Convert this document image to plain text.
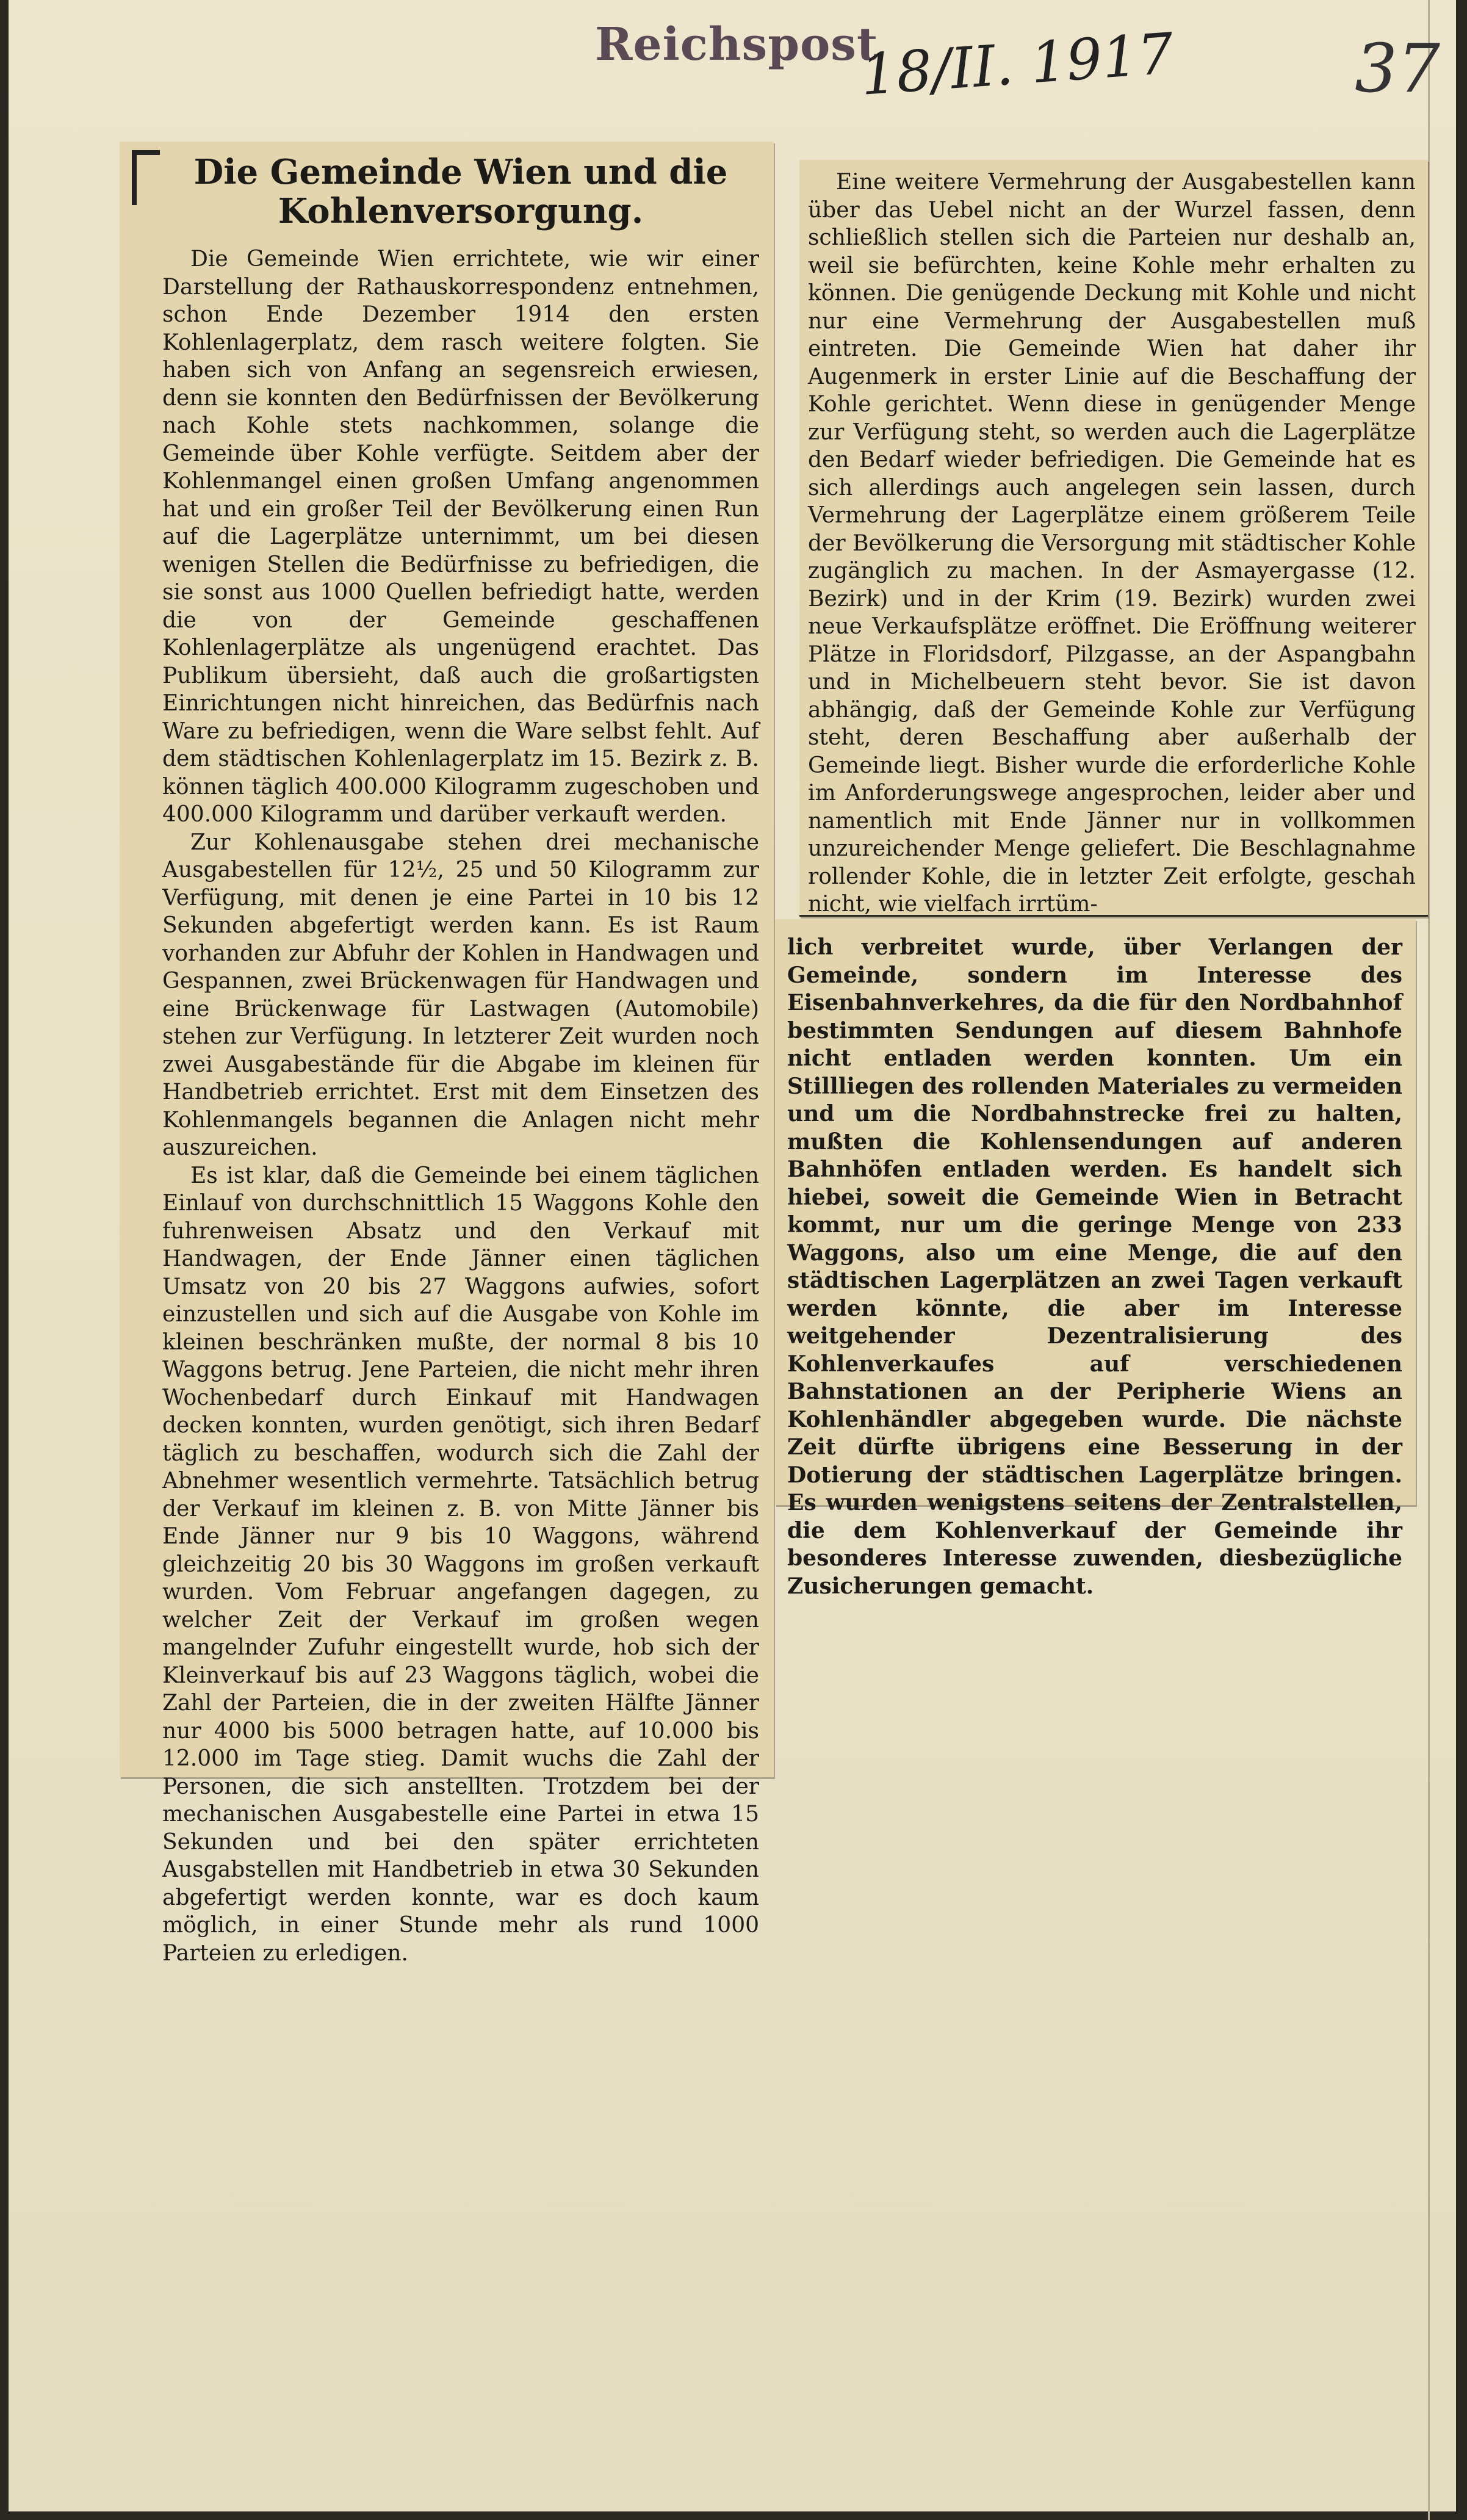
Reichspost
18/II. 1917	37
Die Gemeinde Wien und die Kohlenversorgung.

Die Gemeinde Wien errichtete, wie wir einer Darstellung der Rathauskorrespondenz entnehmen, schon Ende Dezember 1914 den ersten Kohlenlagerplatz, dem rasch weitere folgten. Sie haben sich von Anfang an segensreich erwiesen, denn sie konnten den Bedürfnissen der Bevölkerung nach Kohle stets nachkommen, solange die Gemeinde über Kohle verfügte. Seitdem aber der Kohlenmangel einen großen Umfang angenommen hat und ein großer Teil der Bevölkerung einen Run auf die Lagerplätze unternimmt, um bei diesen wenigen Stellen die Bedürfnisse zu befriedigen, die sie sonst aus 1000 Quellen befriedigt hatte, werden die von der Gemeinde geschaffenen Kohlenlagerplätze als ungenügend erachtet. Das Publikum übersieht, daß auch die großartigsten Einrichtungen nicht hinreichen, das Bedürfnis nach Ware zu befriedigen, wenn die Ware selbst fehlt. Auf dem städtischen Kohlenlagerplatz im 15. Bezirk z. B. können täglich 400.000 Kilogramm zugeschoben und 400.000 Kilogramm und darüber verkauft werden.

Zur Kohlenausgabe stehen drei mechanische Ausgabestellen für 12½, 25 und 50 Kilogramm zur Verfügung, mit denen je eine Partei in 10 bis 12 Sekunden abgefertigt werden kann. Es ist Raum vorhanden zur Abfuhr der Kohlen in Handwagen und Gespannen, zwei Brückenwagen für Handwagen und eine Brückenwage für Lastwagen (Automobile) stehen zur Verfügung. In letzterer Zeit wurden noch zwei Ausgabestände für die Abgabe im kleinen für Handbetrieb errichtet. Erst mit dem Einsetzen des Kohlenmangels begannen die Anlagen nicht mehr auszureichen.

Es ist klar, daß die Gemeinde bei einem täglichen Einlauf von durchschnittlich 15 Waggons Kohle den fuhrenweisen Absatz und den Verkauf mit Handwagen, der Ende Jänner einen täglichen Umsatz von 20 bis 27 Waggons aufwies, sofort einzustellen und sich auf die Ausgabe von Kohle im kleinen beschränken mußte, der normal 8 bis 10 Waggons betrug. Jene Parteien, die nicht mehr ihren Wochenbedarf durch Einkauf mit Handwagen decken konnten, wurden genötigt, sich ihren Bedarf täglich zu beschaffen, wodurch sich die Zahl der Abnehmer wesentlich vermehrte. Tatsächlich betrug der Verkauf im kleinen z. B. von Mitte Jänner bis Ende Jänner nur 9 bis 10 Waggons, während gleichzeitig 20 bis 30 Waggons im großen verkauft wurden. Vom Februar angefangen dagegen, zu welcher Zeit der Verkauf im großen wegen mangelnder Zufuhr eingestellt wurde, hob sich der Kleinverkauf bis auf 23 Waggons täglich, wobei die Zahl der Parteien, die in der zweiten Hälfte Jänner nur 4000 bis 5000 betragen hatte, auf 10.000 bis 12.000 im Tage stieg. Damit wuchs die Zahl der Personen, die sich anstellten. Trotzdem bei der mechanischen Ausgabestelle eine Partei in etwa 15 Sekunden und bei den später errichteten Ausgabstellen mit Handbetrieb in etwa 30 Sekunden abgefertigt werden konnte, war es doch kaum möglich, in einer Stunde mehr als rund 1000 Parteien zu erledigen.

Eine weitere Vermehrung der Ausgabestellen kann über das Uebel nicht an der Wurzel fassen, denn schließlich stellen sich die Parteien nur deshalb an, weil sie befürchten, keine Kohle mehr erhalten zu können. Die genügende Deckung mit Kohle und nicht nur eine Vermehrung der Ausgabestellen muß eintreten. Die Gemeinde Wien hat daher ihr Augenmerk in erster Linie auf die Beschaffung der Kohle gerichtet. Wenn diese in genügender Menge zur Verfügung steht, so werden auch die Lagerplätze den Bedarf wieder befriedigen. Die Gemeinde hat es sich allerdings auch angelegen sein lassen, durch Vermehrung der Lagerplätze einem größerem Teile der Bevölkerung die Versorgung mit städtischer Kohle zugänglich zu machen. In der Asmayergasse (12. Bezirk) und in der Krim (19. Bezirk) wurden zwei neue Verkaufsplätze eröffnet. Die Eröffnung weiterer Plätze in Floridsdorf, Pilzgasse, an der Aspangbahn und in Michelbeuern steht bevor. Sie ist davon abhängig, daß der Gemeinde Kohle zur Verfügung steht, deren Beschaffung aber außerhalb der Gemeinde liegt. Bisher wurde die erforderliche Kohle im Anforderungswege angesprochen, leider aber und namentlich mit Ende Jänner nur in vollkommen unzureichender Menge geliefert. Die Beschlagnahme rollender Kohle, die in letzter Zeit erfolgte, geschah nicht, wie vielfach irrtüm-

lich verbreitet wurde, über Verlangen der Gemeinde, sondern im Interesse des Eisenbahnverkehres, da die für den Nordbahnhof bestimmten Sendungen auf diesem Bahnhofe nicht entladen werden konnten. Um ein Stillliegen des rollenden Materiales zu vermeiden und um die Nordbahnstrecke frei zu halten, mußten die Kohlensendungen auf anderen Bahnhöfen entladen werden. Es handelt sich hiebei, soweit die Gemeinde Wien in Betracht kommt, nur um die geringe Menge von 233 Waggons, also um eine Menge, die auf den städtischen Lagerplätzen an zwei Tagen verkauft werden könnte, die aber im Interesse weitgehender Dezentralisierung des Kohlenverkaufes auf verschiedenen Bahnstationen an der Peripherie Wiens an Kohlenhändler abgegeben wurde. Die nächste Zeit dürfte übrigens eine Besserung in der Dotierung der städtischen Lagerplätze bringen. Es wurden wenigstens seitens der Zentralstellen, die dem Kohlenverkauf der Gemeinde ihr besonderes Interesse zuwenden, diesbezügliche Zusicherungen gemacht.
